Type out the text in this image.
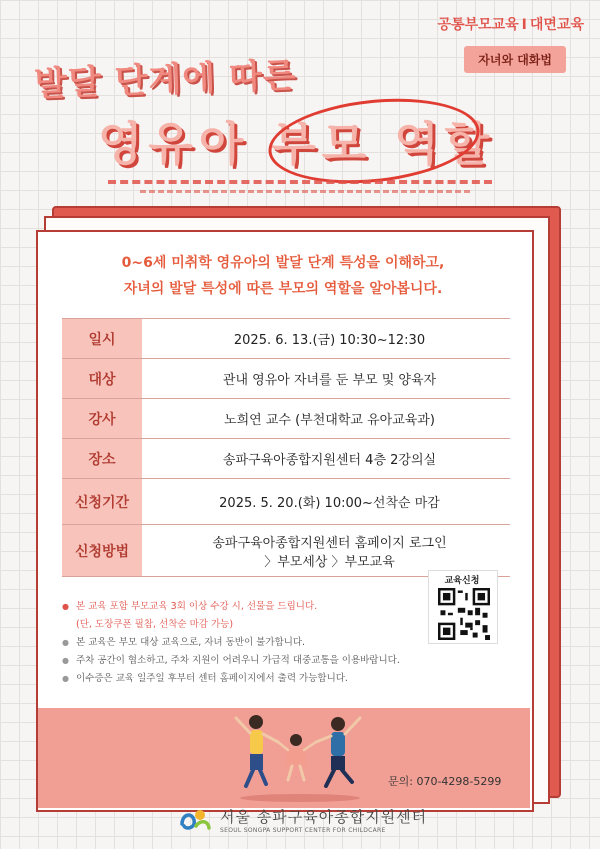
공통부모교육 I 대면교육
자녀와 대화법
발달 단계에 따른
영유아 부모 역할
0~6세 미취학 영유아의 발달 단계 특성을 이해하고,
자녀의 발달 특성에 따른 부모의 역할을 알아봅니다.
일시	2025. 6. 13.(금) 10:30~12:30
대상	관내 영유아 자녀를 둔 부모 및 양육자
강사	노희연 교수 (부천대학교 유아교육과)
장소	송파구육아종합지원센터 4층 2강의실
신청기간	2025. 5. 20.(화) 10:00~선착순 마감
신청방법	송파구육아종합지원센터 홈페이지 로그인
〉부모세상 〉부모교육
교육신청
● 본 교육 포함 부모교육 3회 이상 수강 시, 선물을 드립니다.
(단, 도장쿠폰 필참, 선착순 마감 가능)
● 본 교육은 부모 대상 교육으로, 자녀 동반이 불가합니다.
● 주차 공간이 협소하고, 주차 지원이 어려우니 가급적 대중교통을 이용바랍니다.
● 이수증은 교육 일주일 후부터 센터 홈페이지에서 출력 가능합니다.
문의: 070-4298-5299
서울 송파구육아종합지원센터
SEOUL SONGPA SUPPORT CENTER FOR CHILDCARE
